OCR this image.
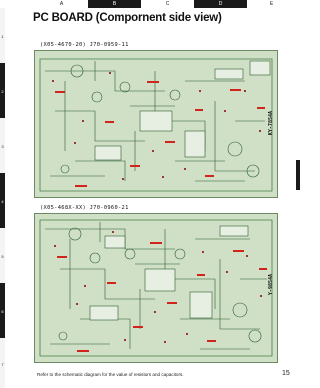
A	B	C	D	E
1
2
3
4
5
6
7
PC BOARD (Compornent side view)
(X05-4670-20) J70-0959-11
KY-7854A
(X05-468X-XX) J70-0960-21
Y-9854A
Refer to the schematic diagram for the value of resistors and capacitors.	15
